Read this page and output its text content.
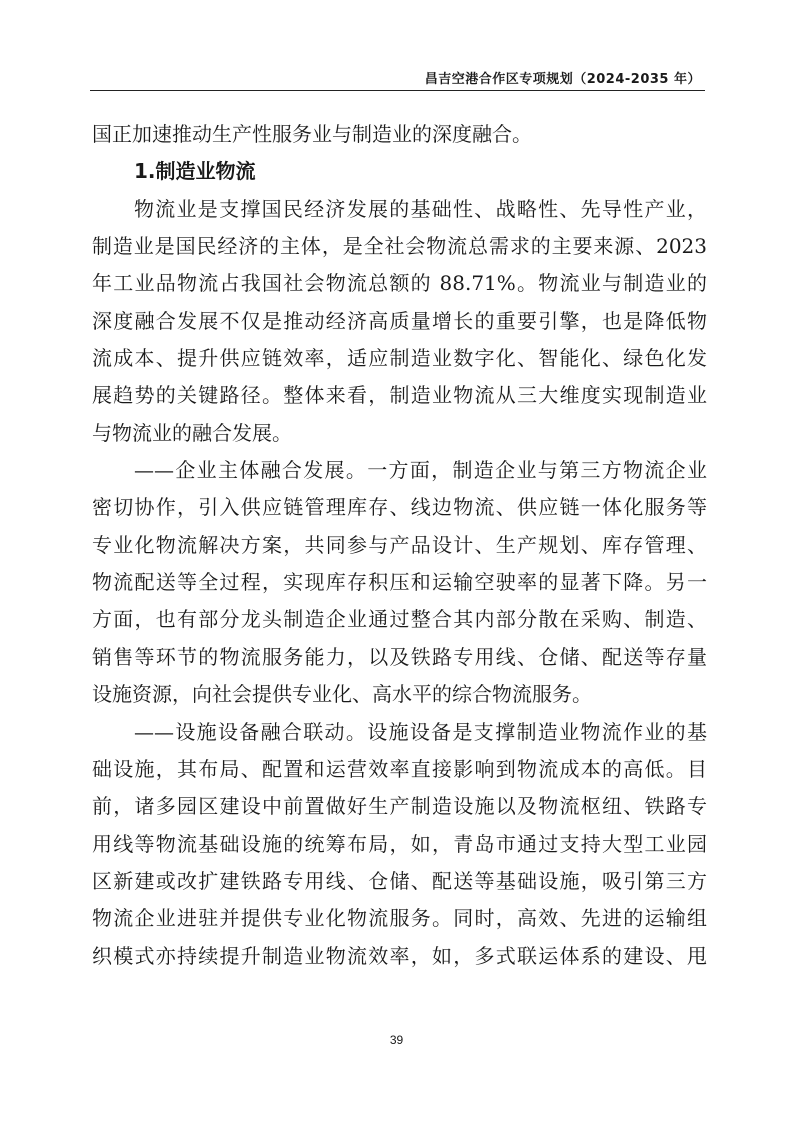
昌吉空港合作区专项规划（2024-2035 年）
国正加速推动生产性服务业与制造业的深度融合。
1.制造业物流
物流业是支撑国民经济发展的基础性、战略性、先导性产业，
制造业是国民经济的主体，是全社会物流总需求的主要来源、2023
年工业品物流占我国社会物流总额的 88.71%。物流业与制造业的
深度融合发展不仅是推动经济高质量增长的重要引擎，也是降低物
流成本、提升供应链效率，适应制造业数字化、智能化、绿色化发
展趋势的关键路径。整体来看，制造业物流从三大维度实现制造业
与物流业的融合发展。
——企业主体融合发展。一方面，制造企业与第三方物流企业
密切协作，引入供应链管理库存、线边物流、供应链一体化服务等
专业化物流解决方案，共同参与产品设计、生产规划、库存管理、
物流配送等全过程，实现库存积压和运输空驶率的显著下降。另一
方面，也有部分龙头制造企业通过整合其内部分散在采购、制造、
销售等环节的物流服务能力，以及铁路专用线、仓储、配送等存量
设施资源，向社会提供专业化、高水平的综合物流服务。
——设施设备融合联动。设施设备是支撑制造业物流作业的基
础设施，其布局、配置和运营效率直接影响到物流成本的高低。目
前，诸多园区建设中前置做好生产制造设施以及物流枢纽、铁路专
用线等物流基础设施的统筹布局，如，青岛市通过支持大型工业园
区新建或改扩建铁路专用线、仓储、配送等基础设施，吸引第三方
物流企业进驻并提供专业化物流服务。同时，高效、先进的运输组
织模式亦持续提升制造业物流效率，如，多式联运体系的建设、甩
39
